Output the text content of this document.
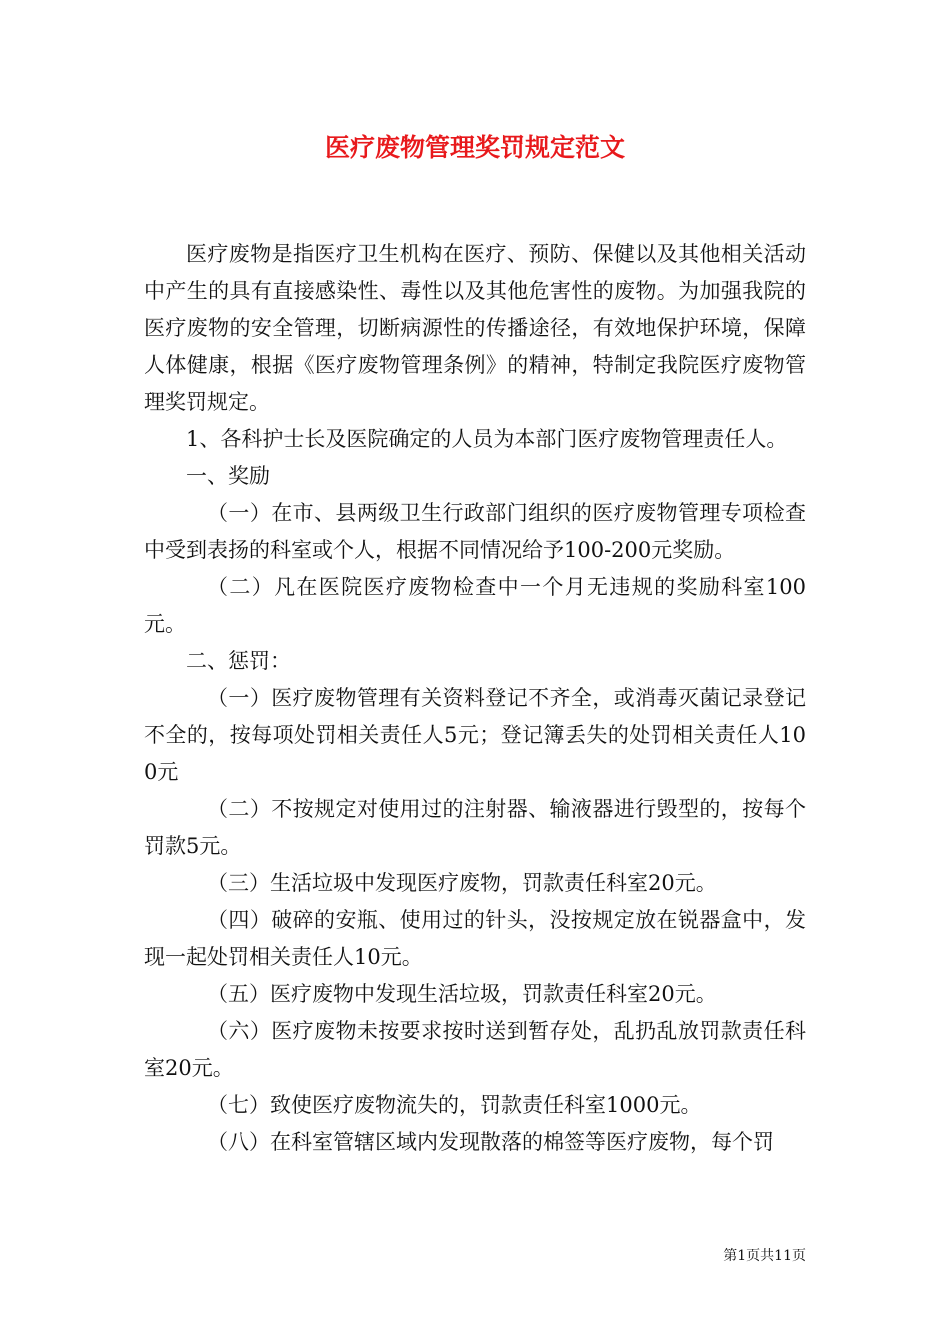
医疗废物管理奖罚规定范文

医疗废物是指医疗卫生机构在医疗、预防、保健以及其他相关活动中产生的具有直接感染性、毒性以及其他危害性的废物。为加强我院的医疗废物的安全管理，切断病源性的传播途径，有效地保护环境，保障人体健康，根据《医疗废物管理条例》的精神，特制定我院医疗废物管理奖罚规定。

1、各科护士长及医院确定的人员为本部门医疗废物管理责任人。

一、奖励

（一）在市、县两级卫生行政部门组织的医疗废物管理专项检查中受到表扬的科室或个人，根据不同情况给予100-200元奖励。

（二）凡在医院医疗废物检查中一个月无违规的奖励科室100元。

二、惩罚：

（一）医疗废物管理有关资料登记不齐全，或消毒灭菌记录登记不全的，按每项处罚相关责任人5元；登记簿丢失的处罚相关责任人100元

（二）不按规定对使用过的注射器、输液器进行毁型的，按每个罚款5元。

（三）生活垃圾中发现医疗废物，罚款责任科室20元。

（四）破碎的安瓶、使用过的针头，没按规定放在锐器盒中，发现一起处罚相关责任人10元。

（五）医疗废物中发现生活垃圾，罚款责任科室20元。

（六）医疗废物未按要求按时送到暂存处，乱扔乱放罚款责任科室20元。

（七）致使医疗废物流失的，罚款责任科室1000元。

（八）在科室管辖区域内发现散落的棉签等医疗废物，每个罚

第1页共11页
